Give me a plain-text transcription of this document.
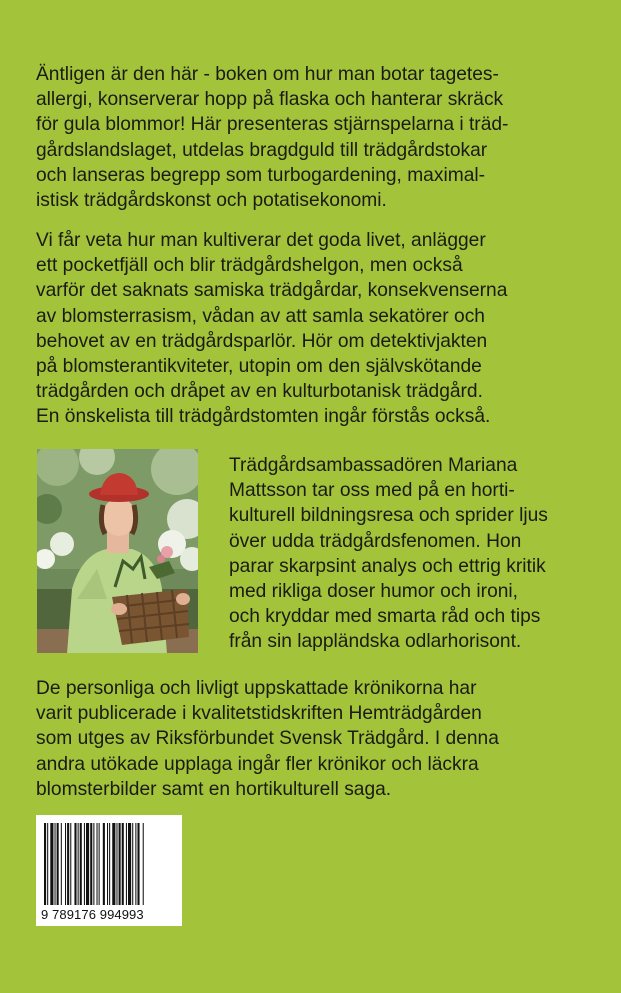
Äntligen är den här - boken om hur man botar tagetes-
allergi, konserverar hopp på flaska och hanterar skräck
för gula blommor! Här presenteras stjärnspelarna i träd-
gårdslandslaget, utdelas bragdguld till trädgårdstokar
och lanseras begrepp som turbogardening, maximal-
istisk trädgårdskonst och potatisekonomi.
Vi får veta hur man kultiverar det goda livet, anlägger
ett pocketfjäll och blir trädgårdshelgon, men också
varför det saknats samiska trädgårdar, konsekvenserna
av blomsterrasism, vådan av att samla sekatörer och
behovet av en trädgårdsparlör. Hör om detektivjakten
på blomsterantikviteter, utopin om den självskötande
trädgården och dråpet av en kulturbotanisk trädgård.
En önskelista till trädgårdstomten ingår förstås också.
Trädgårdsambassadören Mariana
Mattsson tar oss med på en horti-
kulturell bildningsresa och sprider ljus
över udda trädgårdsfenomen. Hon
parar skarpsint analys och ettrig kritik
med rikliga doser humor och ironi,
och kryddar med smarta råd och tips
från sin lappländska odlarhorisont.
De personliga och livligt uppskattade krönikorna har
varit publicerade i kvalitetstidskriften Hemträdgården
som utges av Riksförbundet Svensk Trädgård. I denna
andra utökade upplaga ingår fler krönikor och läckra
blomsterbilder samt en hortikulturell saga.
9 789176 994993
